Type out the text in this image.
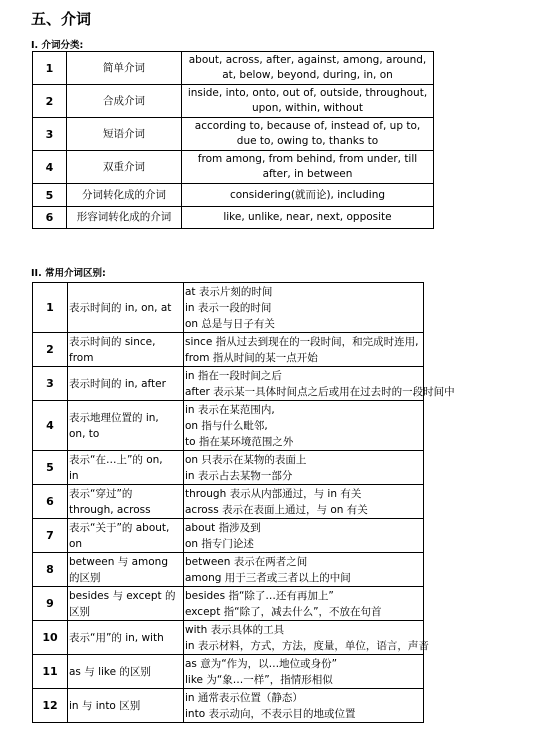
五、介词
I. 介词分类:
1	简单介词	about, across, after, against, among, around,
at, below, beyond, during, in, on

2	合成介词	inside, into, onto, out of, outside, throughout,
upon, within, without

3	短语介词	according to, because of, instead of, up to,
due to, owing to, thanks to

4	双重介词	from among, from behind, from under, till
after, in between

5	分词转化成的介词	considering(就而论), including

6	形容词转化成的介词	like, unlike, near, next, opposite
II. 常用介词区别:
1	表示时间的 in, on, at	at 表示片刻的时间
in 表示一段的时间
on 总是与日子有关

2	表示时间的 since,
from	since 指从过去到现在的一段时间，和完成时连用,
from 指从时间的某一点开始

3	表示时间的 in, after	in 指在一段时间之后
after 表示某一具体时间点之后或用在过去时的一段时间中

4	表示地理位置的 in,
on, to	in 表示在某范围内,
on 指与什么毗邻,
to 指在某环境范围之外

5	表示“在…上”的 on,
in	on 只表示在某物的表面上
in 表示占去某物一部分

6	表示“穿过”的
through, across	through 表示从内部通过，与 in 有关
across 表示在表面上通过，与 on 有关

7	表示“关于”的 about,
on	about 指涉及到
on 指专门论述

8	between 与 among
的区别	between 表示在两者之间
among 用于三者或三者以上的中间

9	besides 与 except 的
区别	besides 指“除了…还有再加上”
except 指“除了，减去什么”，不放在句首

10	表示“用”的 in, with	with 表示具体的工具
in 表示材料，方式，方法，度量，单位，语言，声音

11	as 与 like 的区别	as 意为“作为，以…地位或身份”
like 为“象…一样”，指情形相似

12	in 与 into 区别	in 通常表示位置（静态）
into 表示动向，不表示目的地或位置
